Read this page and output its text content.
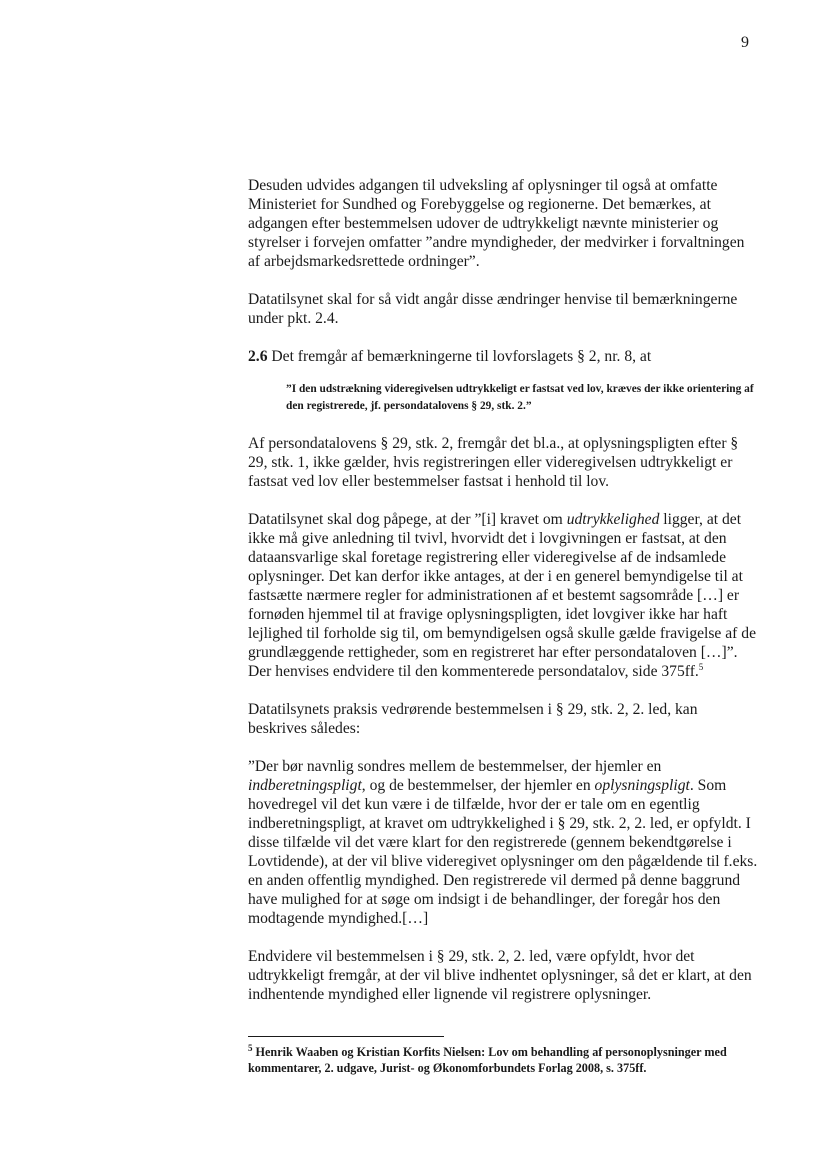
9

Desuden udvides adgangen til udveksling af oplysninger til også at omfatte Ministeriet for Sundhed og Forebyggelse og regionerne. Det bemærkes, at adgangen efter bestemmelsen udover de udtrykkeligt nævnte ministerier og styrelser i forvejen omfatter ”andre myndigheder, der medvirker i forvaltningen af arbejdsmarkedsrettede ordninger”.

Datatilsynet skal for så vidt angår disse ændringer henvise til bemærkningerne under pkt. 2.4.

2.6 Det fremgår af bemærkningerne til lovforslagets § 2, nr. 8, at

”I den udstrækning videregivelsen udtrykkeligt er fastsat ved lov, kræves der ikke orientering af den registrerede, jf. persondatalovens § 29, stk. 2.”

Af persondatalovens § 29, stk. 2, fremgår det bl.a., at oplysningspligten efter § 29, stk. 1, ikke gælder, hvis registreringen eller videregivelsen udtrykkeligt er fastsat ved lov eller bestemmelser fastsat i henhold til lov.

Datatilsynet skal dog påpege, at der ”[i] kravet om udtrykkelighed ligger, at det ikke må give anledning til tvivl, hvorvidt det i lovgivningen er fastsat, at den dataansvarlige skal foretage registrering eller videregivelse af de indsamlede oplysninger. Det kan derfor ikke antages, at der i en generel bemyndigelse til at fastsætte nærmere regler for administrationen af et bestemt sagsområde […] er fornøden hjemmel til at fravige oplysningspligten, idet lovgiver ikke har haft lejlighed til forholde sig til, om bemyndigelsen også skulle gælde fravigelse af de grundlæggende rettigheder, som en registreret har efter persondataloven […]”. Der henvises endvidere til den kommenterede persondatalov, side 375ff.$^5$

Datatilsynets praksis vedrørende bestemmelsen i § 29, stk. 2, 2. led, kan beskrives således:

”Der bør navnlig sondres mellem de bestemmelser, der hjemler en indberetningspligt, og de bestemmelser, der hjemler en oplysningspligt. Som hovedregel vil det kun være i de tilfælde, hvor der er tale om en egentlig indberetningspligt, at kravet om udtrykkelighed i § 29, stk. 2, 2. led, er opfyldt. I disse tilfælde vil det være klart for den registrerede (gennem bekendtgørelse i Lovtidende), at der vil blive videregivet oplysninger om den pågældende til f.eks. en anden offentlig myndighed. Den registrerede vil dermed på denne baggrund have mulighed for at søge om indsigt i de behandlinger, der foregår hos den modtagende myndighed.[…]

Endvidere vil bestemmelsen i § 29, stk. 2, 2. led, være opfyldt, hvor det udtrykkeligt fremgår, at der vil blive indhentet oplysninger, så det er klart, at den indhentende myndighed eller lignende vil registrere oplysninger.

$^5$ Henrik Waaben og Kristian Korfits Nielsen: Lov om behandling af personoplysninger med kommentarer, 2. udgave, Jurist- og Økonomforbundets Forlag 2008, s. 375ff.
